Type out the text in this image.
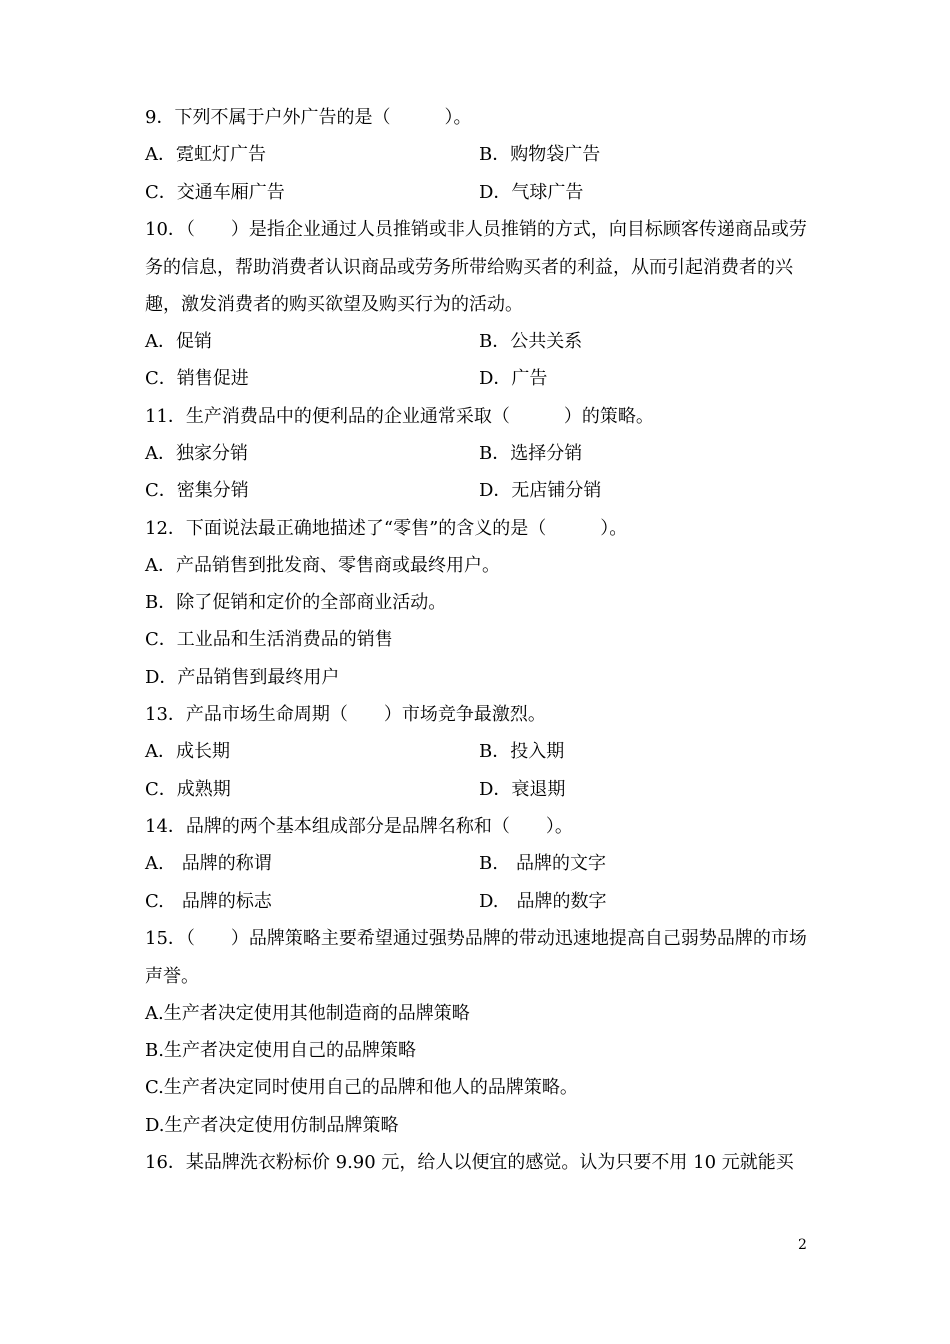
9．下列不属于户外广告的是（　　　）。
A．霓虹灯广告	B．购物袋广告
C．交通车厢广告	D．气球广告
10．（　　）是指企业通过人员推销或非人员推销的方式，向目标顾客传递商品或劳务的信息，帮助消费者认识商品或劳务所带给购买者的利益，从而引起消费者的兴趣，激发消费者的购买欲望及购买行为的活动。
A．促销	B．公共关系
C．销售促进	D．广告
11．生产消费品中的便利品的企业通常采取（　　　）的策略。
A．独家分销	B．选择分销
C．密集分销	D．无店铺分销
12．下面说法最正确地描述了“零售”的含义的是（　　　）。
A．产品销售到批发商、零售商或最终用户。
B．除了促销和定价的全部商业活动。
C．工业品和生活消费品的销售
D．产品销售到最终用户
13．产品市场生命周期（　　）市场竞争最激烈。
A．成长期	B．投入期
C．成熟期	D．衰退期
14．品牌的两个基本组成部分是品牌名称和（　　）。
A.　品牌的称谓	B.　品牌的文字
C.　品牌的标志	D.　品牌的数字
15．（　　）品牌策略主要希望通过强势品牌的带动迅速地提高自己弱势品牌的市场声誉。
A.生产者决定使用其他制造商的品牌策略
B.生产者决定使用自己的品牌策略
C.生产者决定同时使用自己的品牌和他人的品牌策略。
D.生产者决定使用仿制品牌策略
16．某品牌洗衣粉标价 9.90 元，给人以便宜的感觉。认为只要不用 10 元就能买
2
